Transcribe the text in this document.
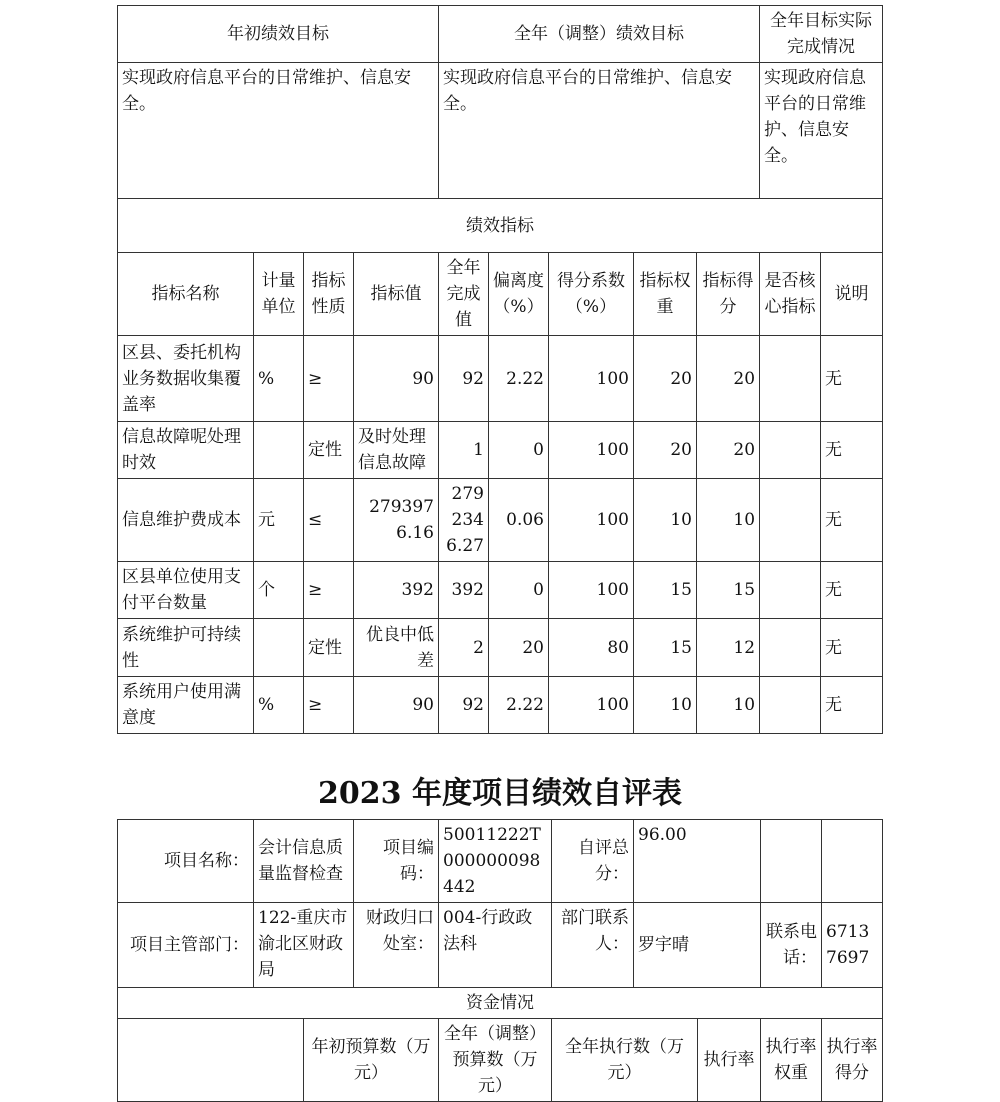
年初绩效目标				全年（调整）绩效目标					全年目标实际完成情况	
实现政府信息平台的日常维护、信息安全。				实现政府信息平台的日常维护、信息安全。					实现政府信息平台的日常维护、信息安全。	
绩效指标										
指标名称	计量单位	指标性质	指标值	全年完成值	偏离度（%）	得分系数（%）	指标权重	指标得分	是否核心指标	说明
区县、委托机构业务数据收集覆盖率	%	≥	90	92	2.22	100	20	20		无
信息故障呢处理时效		定性	及时处理信息故障	1	0	100	20	20		无
信息维护费成本	元	≤	2793976.16	2792346.27	0.06	100	10	10		无
区县单位使用支付平台数量	个	≥	392	392	0	100	15	15		无
系统维护可持续性		定性	优良中低差	2	20	80	15	12		无
系统用户使用满意度	%	≥	90	92	2.22	100	10	10		无
2023 年度项目绩效自评表
项目名称：	会计信息质量监督检查		项目编码：	50011222T000000098442	自评总分：	96.00			
项目主管部门：	122-重庆市渝北区财政局		财政归口处室：	004-行政政法科	部门联系人：	罗宇晴		联系电话：	67137697
资金情况									
		年初预算数（万元）		全年（调整）预算数（万元）	全年执行数（万元）		执行率	执行率权重	执行率得分
